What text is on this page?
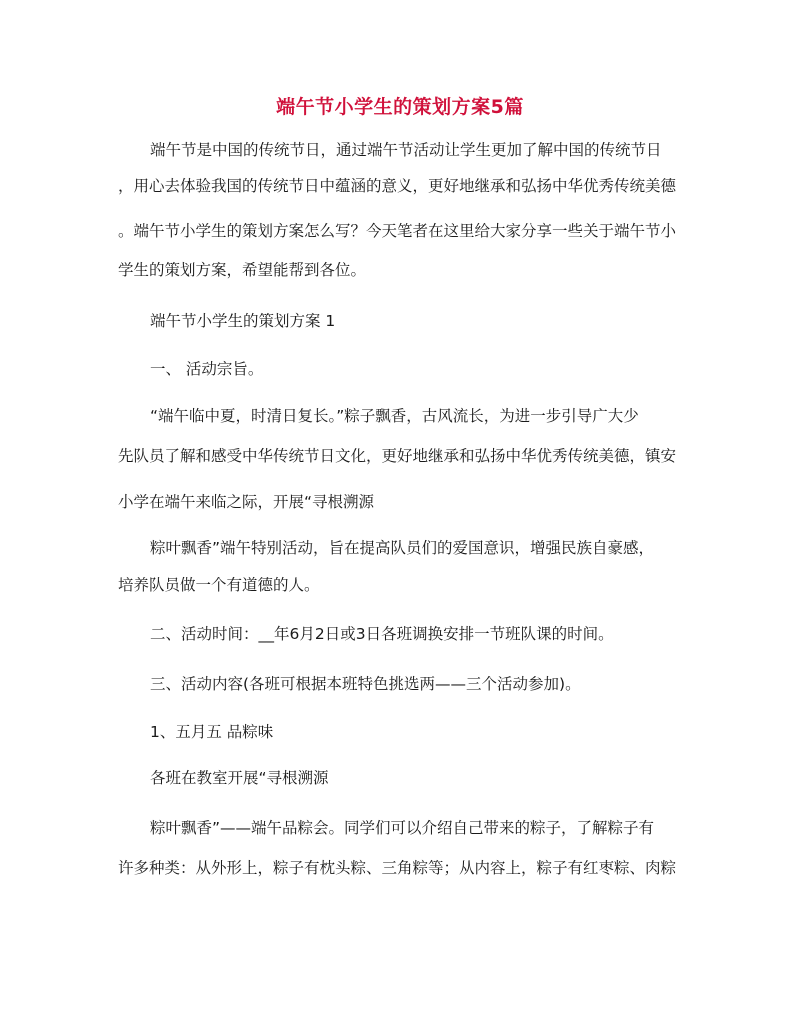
端午节小学生的策划方案5篇
端午节是中国的传统节日，通过端午节活动让学生更加了解中国的传统节日
，用心去体验我国的传统节日中蕴涵的意义，更好地继承和弘扬中华优秀传统美德
。端午节小学生的策划方案怎么写？今天笔者在这里给大家分享一些关于端午节小
学生的策划方案，希望能帮到各位。
端午节小学生的策划方案 1
一、 活动宗旨。
“端午临中夏，时清日复长。”粽子飘香，古风流长，为进一步引导广大少
先队员了解和感受中华传统节日文化，更好地继承和弘扬中华优秀传统美德，镇安
小学在端午来临之际，开展“寻根溯源
粽叶飘香”端午特别活动，旨在提高队员们的爱国意识，增强民族自豪感，
培养队员做一个有道德的人。
二、活动时间：__年6月2日或3日各班调换安排一节班队课的时间。
三、活动内容(各班可根据本班特色挑选两——三个活动参加)。
1、五月五 品粽味
各班在教室开展“寻根溯源
粽叶飘香”——端午品粽会。同学们可以介绍自己带来的粽子，了解粽子有
许多种类：从外形上，粽子有枕头粽、三角粽等；从内容上，粽子有红枣粽、肉粽
